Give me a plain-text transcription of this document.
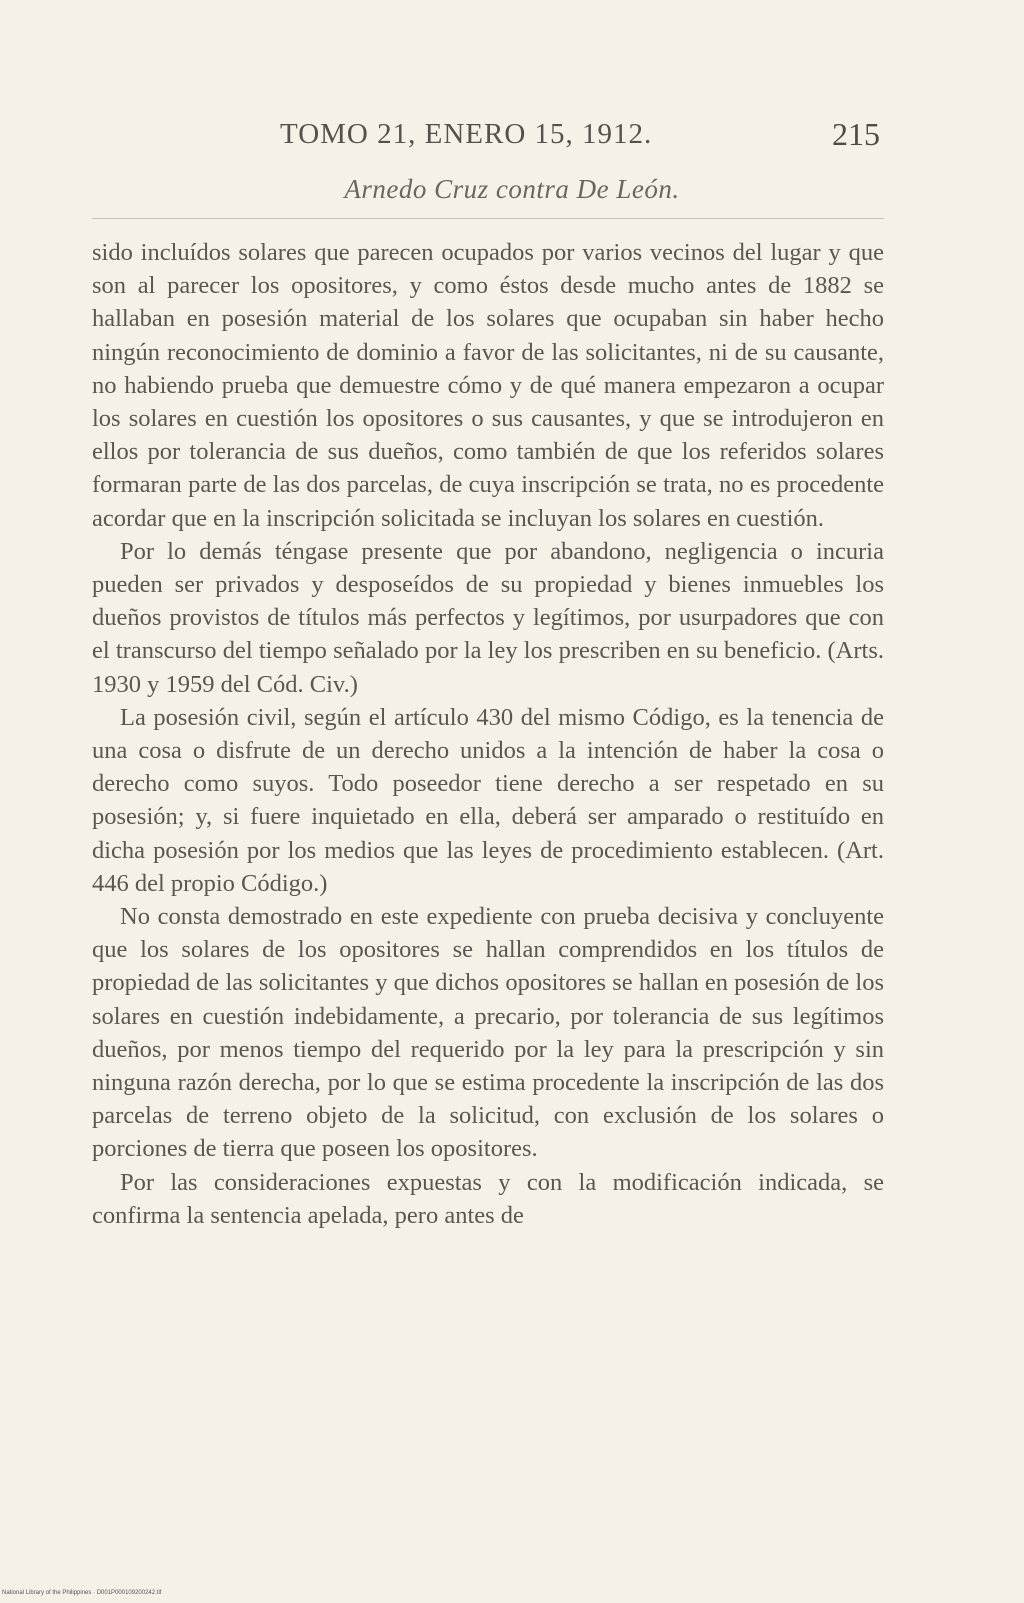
TOMO 21, ENERO 15, 1912.	215
Arnedo Cruz contra De León.

sido incluídos solares que parecen ocupados por varios vecinos del lugar y que son al parecer los opositores, y como éstos desde mucho antes de 1882 se hallaban en posesión material de los solares que ocupaban sin haber hecho ningún reconocimiento de dominio a favor de las solicitantes, ni de su causante, no habiendo prueba que demuestre cómo y de qué manera empezaron a ocupar los solares en cuestión los opositores o sus causantes, y que se introdujeron en ellos por tolerancia de sus dueños, como también de que los referidos solares formaran parte de las dos parcelas, de cuya inscripción se trata, no es procedente acordar que en la inscripción solicitada se incluyan los solares en cuestión.

Por lo demás téngase presente que por abandono, negligencia o incuria pueden ser privados y desposeídos de su propiedad y bienes inmuebles los dueños provistos de títulos más perfectos y legítimos, por usurpadores que con el transcurso del tiempo señalado por la ley los prescriben en su beneficio. (Arts. 1930 y 1959 del Cód. Civ.)

La posesión civil, según el artículo 430 del mismo Código, es la tenencia de una cosa o disfrute de un derecho unidos a la intención de haber la cosa o derecho como suyos. Todo poseedor tiene derecho a ser respetado en su posesión; y, si fuere inquietado en ella, deberá ser amparado o restituído en dicha posesión por los medios que las leyes de procedimiento establecen. (Art. 446 del propio Código.)

No consta demostrado en este expediente con prueba decisiva y concluyente que los solares de los opositores se hallan comprendidos en los títulos de propiedad de las solicitantes y que dichos opositores se hallan en posesión de los solares en cuestión indebidamente, a precario, por tolerancia de sus legítimos dueños, por menos tiempo del requerido por la ley para la prescripción y sin ninguna razón derecha, por lo que se estima procedente la inscripción de las dos parcelas de terreno objeto de la solicitud, con exclusión de los solares o porciones de tierra que poseen los opositores.

Por las consideraciones expuestas y con la modificación indicada, se confirma la sentencia apelada, pero antes de

National Library of the Philippines · D001P000109200242.tif
